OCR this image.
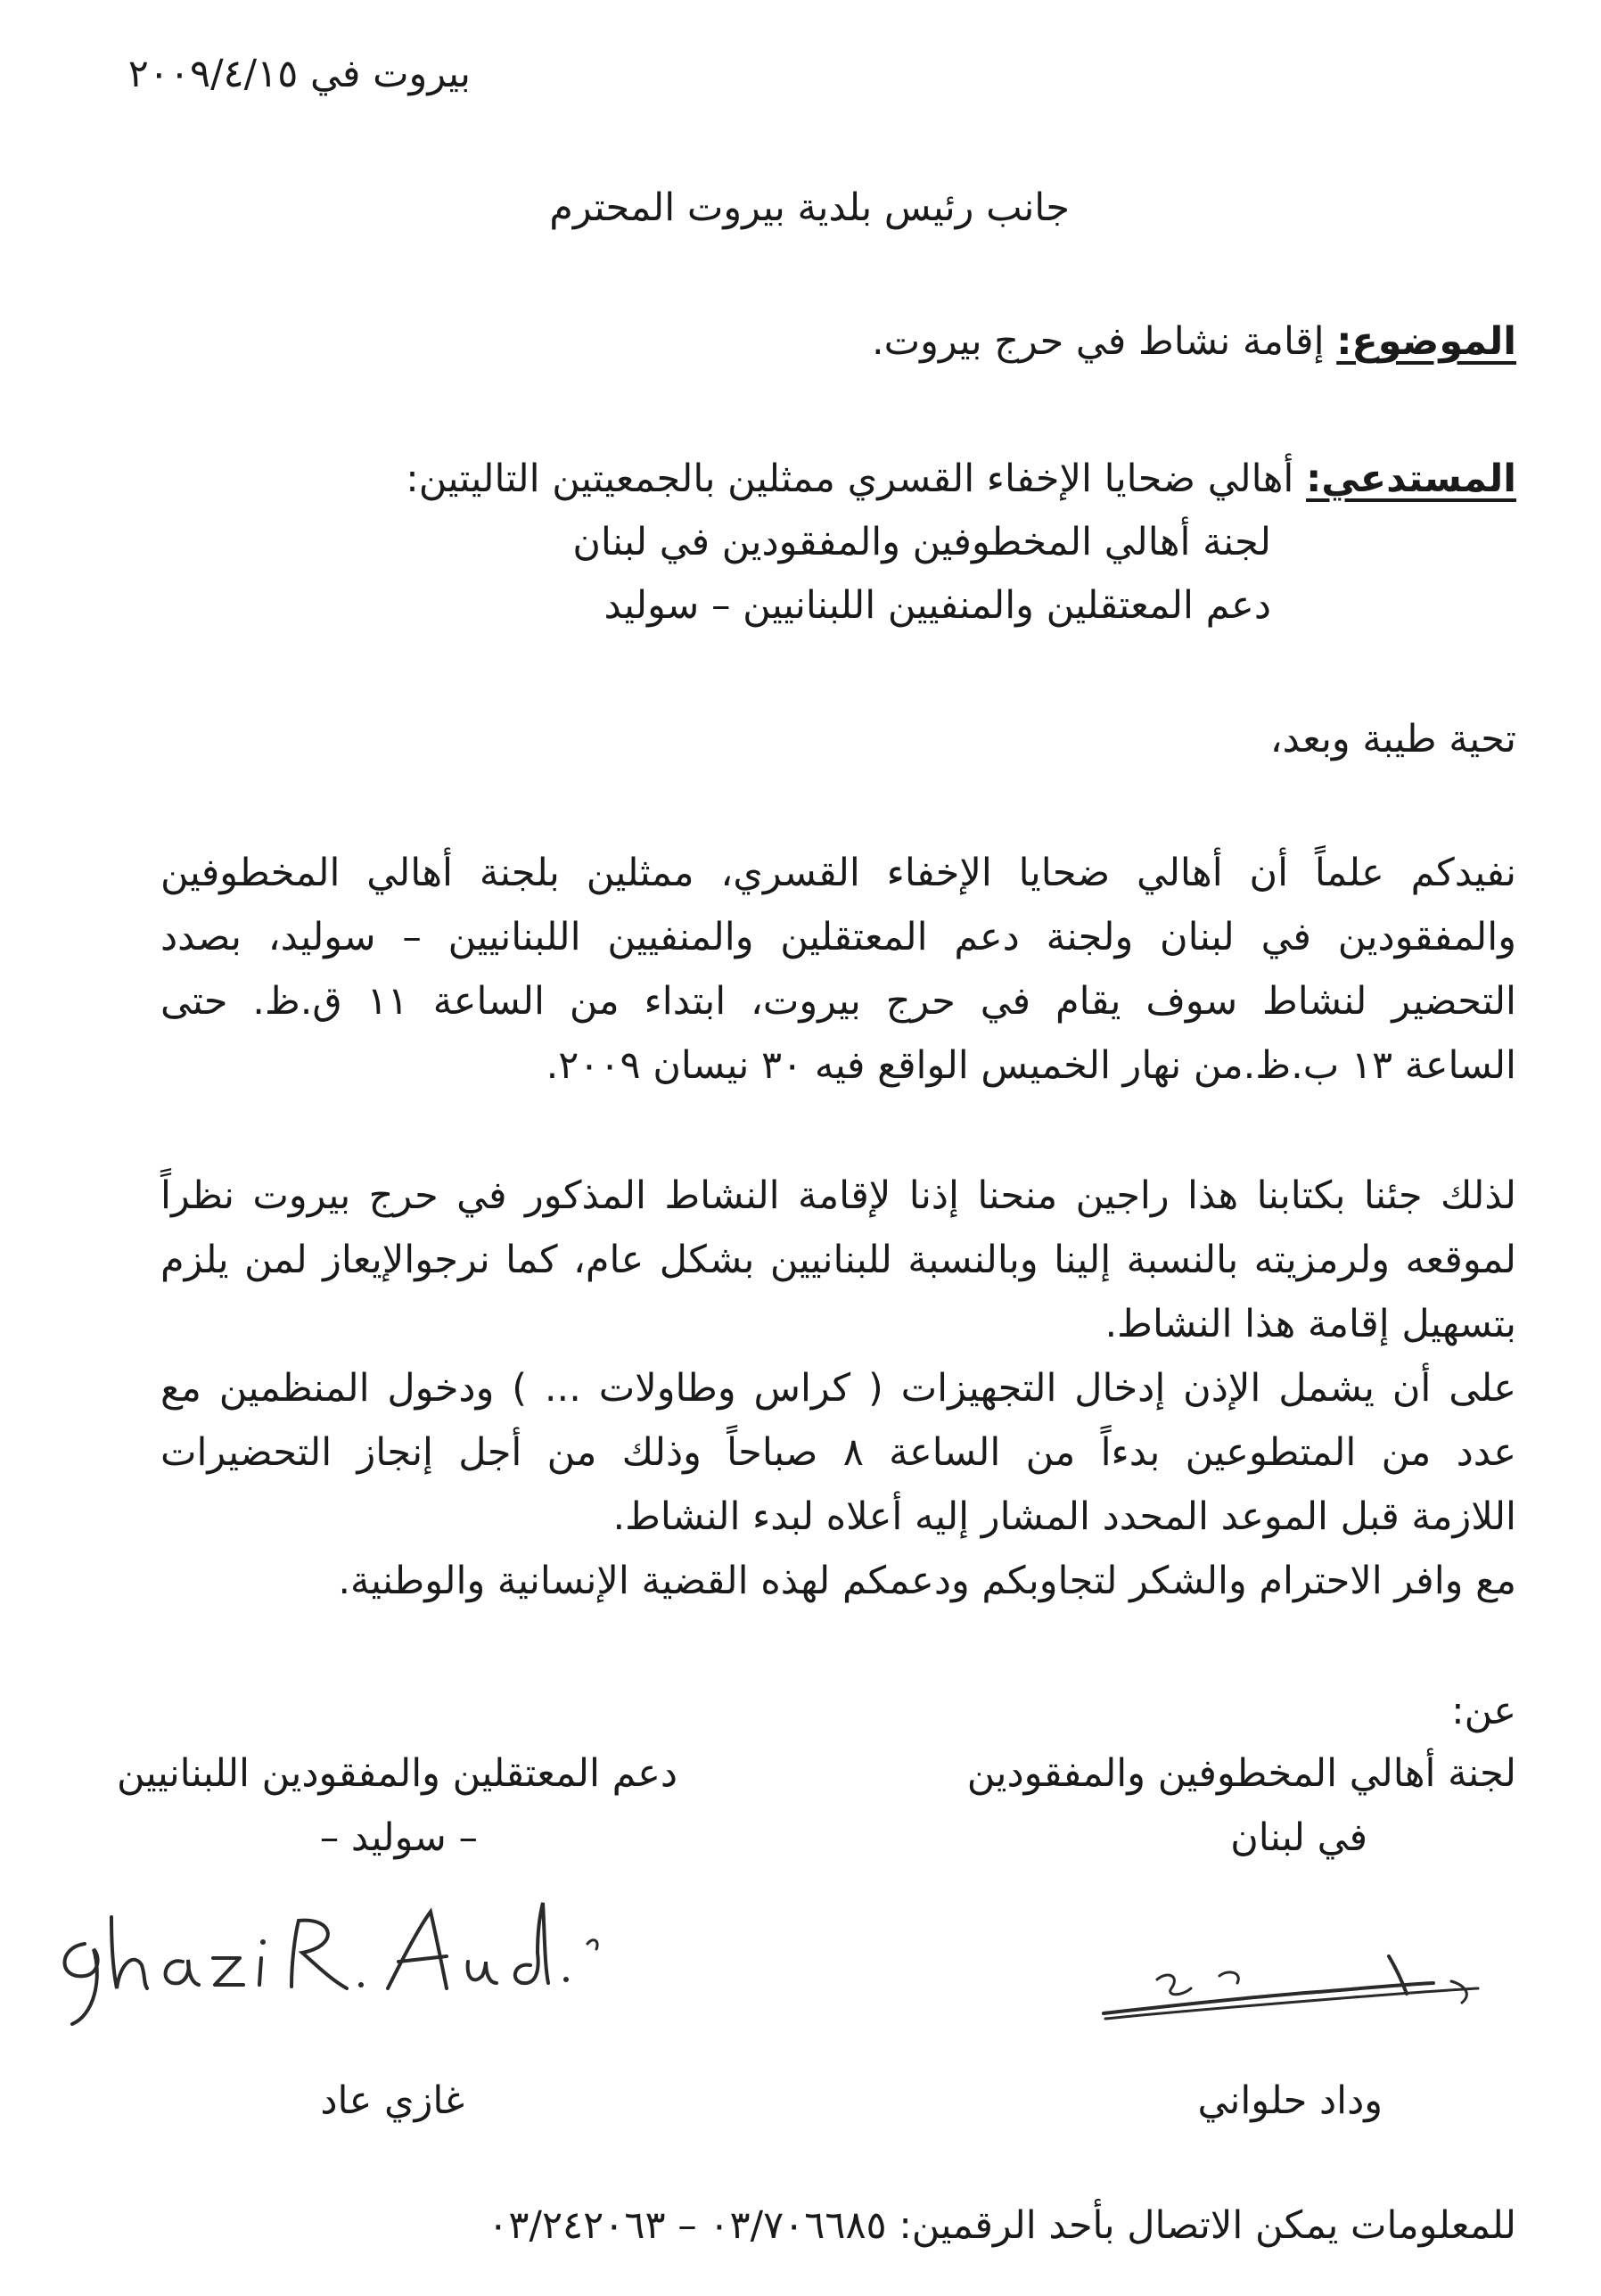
بيروت في ٢٠٠٩/٤/١٥
جانب رئيس بلدية بيروت المحترم
الموضوع: إقامة نشاط في حرج بيروت.
المستدعي: أهالي ضحايا الإخفاء القسري ممثلين بالجمعيتين التاليتين:
لجنة أهالي المخطوفين والمفقودين في لبنان
دعم المعتقلين والمنفيين اللبنانيين – سوليد
تحية طيبة وبعد،
نفيدكم علماً أن أهالي ضحايا الإخفاء القسري، ممثلين بلجنة أهالي المخطوفين
والمفقودين في لبنان ولجنة دعم المعتقلين والمنفيين اللبنانيين – سوليد، بصدد
التحضير لنشاط سوف يقام في حرج بيروت، ابتداء من الساعة ١١ ق.ظ. حتى
الساعة ١٣ ب.ظ.من نهار الخميس الواقع فيه ٣٠ نيسان ٢٠٠٩.
لذلك جئنا بكتابنا هذا راجين منحنا إذنا لإقامة النشاط المذكور في حرج بيروت نظراً
لموقعه ولرمزيته بالنسبة إلينا وبالنسبة للبنانيين بشكل عام، كما نرجوالإيعاز لمن يلزم
بتسهيل إقامة هذا النشاط.
على أن يشمل الإذن إدخال التجهيزات ( كراس وطاولات ... ) ودخول المنظمين مع
عدد من المتطوعين بدءاً من الساعة ٨ صباحاً وذلك من أجل إنجاز التحضيرات
اللازمة قبل الموعد المحدد المشار إليه أعلاه لبدء النشاط.
مع وافر الاحترام والشكر لتجاوبكم ودعمكم لهذه القضية الإنسانية والوطنية.
عن:
لجنة أهالي المخطوفين والمفقودين
في لبنان
وداد حلواني
دعم المعتقلين والمفقودين اللبنانيين
– سوليد –
غازي عاد
للمعلومات يمكن الاتصال بأحد الرقمين: ٠٣/٧٠٦٦٨٥ – ٠٣/٢٤٢٠٦٣
